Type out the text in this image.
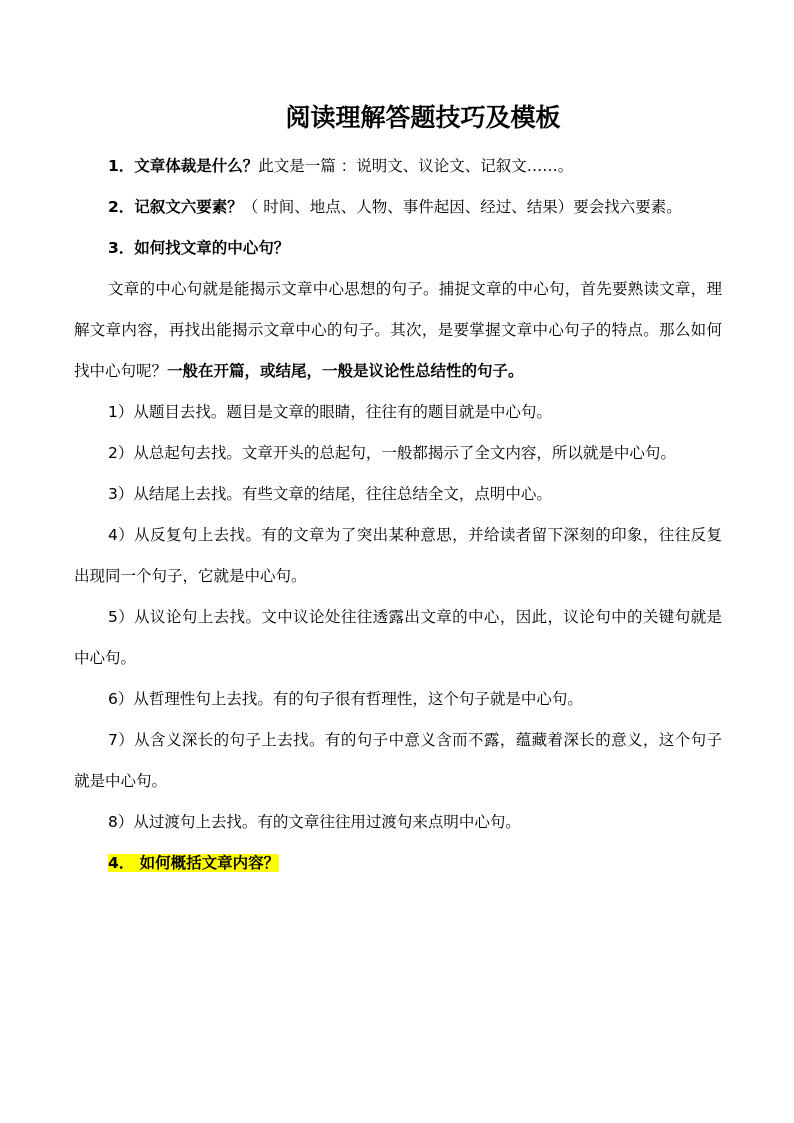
阅读理解答题技巧及模板

1．文章体裁是什么？此文是一篇 ：说明文、议论文、记叙文……。

2．记叙文六要素？（ 时间、地点、人物、事件起因、经过、结果）要会找六要素。

3．如何找文章的中心句？

文章的中心句就是能揭示文章中心思想的句子。捕捉文章的中心句，首先要熟读文章，理解文章内容，再找出能揭示文章中心的句子。其次，是要掌握文章中心句子的特点。那么如何找中心句呢？一般在开篇，或结尾，一般是议论性总结性的句子。

1）从题目去找。题目是文章的眼睛，往往有的题目就是中心句。

2）从总起句去找。文章开头的总起句，一般都揭示了全文内容，所以就是中心句。

3）从结尾上去找。有些文章的结尾，往往总结全文，点明中心。

4）从反复句上去找。有的文章为了突出某种意思，并给读者留下深刻的印象，往往反复出现同一个句子，它就是中心句。

5）从议论句上去找。文中议论处往往透露出文章的中心，因此，议论句中的关键句就是中心句。

6）从哲理性句上去找。有的句子很有哲理性，这个句子就是中心句。

7）从含义深长的句子上去找。有的句子中意义含而不露，蕴藏着深长的意义，这个句子就是中心句。

8）从过渡句上去找。有的文章往往用过渡句来点明中心句。

4． 如何概括文章内容？
